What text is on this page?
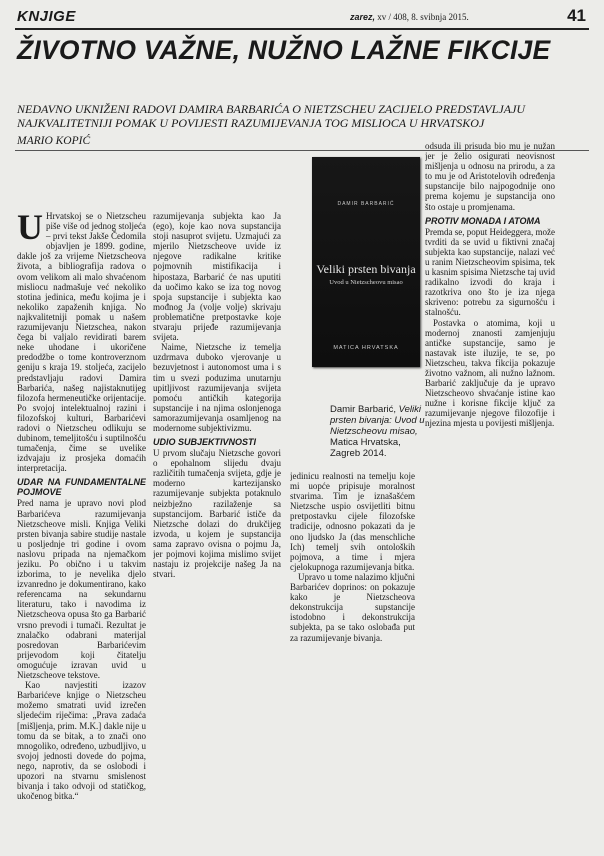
KNJIGE	zarez, xv / 408, 8. svibnja 2015.	41
ŽIVOTNO VAŽNE, NUŽNO LAŽNE FIKCIJE

NEDAVNO UKNIŽENI RADOVI DAMIRA BARBARIĆA O NIETZSCHEU ZACIJELO PREDSTAVLJAJU NAJKVALITETNIJI POMAK U POVIJESTI RAZUMIJEVANJA TOG MISLIOCA U HRVATSKOJ

MARIO KOPIĆ

U Hrvatskoj se o Nietzscheu piše više od jednog stoljeća – prvi tekst Jakše Čedomila objavljen je 1899. godine, dakle još za vrijeme Nietzscheova života, a bibliografija radova o ovom velikom ali malo shvaćenom misliocu nadmašuje već nekoliko stotina jedinica, među kojima je i nekoliko zapaženih knjiga. No najkvalitetniji pomak u našem razumijevanju Nietzschea, nakon čega bi valjalo revidirati barem neke uhodane i ukoričene predodžbe o tome kontroverznom geniju s kraja 19. stoljeća, zacijelo predstavljaju radovi Damira Barbarića, našeg najistaknutijeg filozofa hermeneutičke orijentacije. Po svojoj intelektualnoj razini i filozofskoj kulturi, Barbarićevi radovi o Nietzscheu odlikuju se dubinom, temeljitošću i suptilnošću tumačenja, čime se uvelike izdvajaju iz prosjeka domaćih interpretacija.

UDAR NA FUNDAMENTALNE POJMOVE

Pred nama je upravo novi plod Barbarićeva razumijevanja Nietzscheove misli. Knjiga Veliki prsten bivanja sabire studije nastale u posljednje tri godine i ovom naslovu pripada na njemačkom jeziku. Po obično i u takvim izborima, to je nevelika djelo izvanredno je dokumentirano, kako referencama na sekundarnu literaturu, tako i navodima iz Nietzscheova opusa što ga Barbarić vrsno prevodi i tumači. Rezultat je znalačko odabrani materijal posredovan Barbarićevim prijevodom koji čitatelju omogućuje izravan uvid u Nietzscheove tekstove.

Kao navjestiti izazov Barbarićeve knjige o Nietzscheu možemo smatrati uvid izrečen sljedećim riječima: „Prava zadaća [mišljenja, prim. M.K.] dakle nije u tomu da se bitak, a to znači ono mnogoliko, određeno, uzbudljivo, u svojoj jednosti dovede do pojma, nego, naprotiv, da se oslobodi i upozori na stvarnu smislenost bivanja i tako odvoji od statičkog, ukočenog bitka.“

razumijevanja subjekta kao Ja (ego), koje kao nova supstancija stoji nasuprot svijetu. Uzmajući za mjerilo Nietzscheove uvide iz njegove radikalne kritike pojmovnih mistifikacija i hipostaza, Barbarić će nas uputiti da uočimo kako se iza tog novog spoja supstancije i subjekta kao mođnog Ja (volje volje) skrivaju problematične pretpostavke koje stvaraju prijeđe razumijevanja svijeta.

Naime, Nietzsche iz temelja uzdrmava duboko vjerovanje u bezuvjetnost i autonomost uma i s tim u svezi poduzima unutarnju upitljivost razumijevanja svijeta pomoću antičkih kategorija supstancije i na njima oslonjenoga samorazumijevanja osamljenog na modernome subjektivizmu.

UDIO SUBJEKTIVNOSTI

U prvom slučaju Nietzsche govori o epohalnom slijedu dvaju različitih tumačenja svijeta, gdje je moderno kartezijansko razumijevanje subjekta potaknulo neizbježno razilaženje sa supstancijom. Barbarić ističe da Nietzsche dolazi do drukčijeg izvoda, u kojem je supstancija sama zapravo ovisna o pojmu Ja, jer pojmovi kojima mislimo svijet nastaju iz projekcije našeg Ja na stvari.

DAMIR BARBARIĆ
Veliki prsten bivanja
Uvod u Nietzscheovu misao
MATICA HRVATSKA
Damir Barbarić, Veliki prsten bivanja: Uvod u Nietzscheovu misao, Matica Hrvatska, Zagreb 2014.

jedinicu realnosti na temelju koje mi uopće pripisuje moralnost stvarima. Tim je iznašašćem Nietzsche uspio osvijetliti bitnu pretpostavku cijele filozofske tradicije, odnosno pokazati da je ono ljudsko Ja (das menschliche Ich) temelj svih ontoloških pojmova, a time i mjera cjelokupnoga razumijevanja bitka.

Upravo u tome nalazimo ključni Barbarićev doprinos: on pokazuje kako je Nietzscheova dekonstrukcija supstancije istodobno i dekonstrukcija subjekta, pa se tako oslobađa put za razumijevanje bivanja.

odsuda ili prisuda bio mu je nužan jer je želio osigurati neovisnost mišljenja u odnosu na prirodu, a za to mu je od Aristotelovih određenja supstancije bilo najpogodnije ono prema kojemu je supstancija ono što ostaje u promjenama.

PROTIV MONADA I ATOMA

Premda se, poput Heideggera, može tvrditi da se uvid u fiktivni značaj subjekta kao supstancije, nalazi već u ranim Nietzscheovim spisima, tek u kasnim spisima Nietzsche taj uvid radikalno izvodi do kraja i razotkriva ono što je iza njega skriveno: potrebu za sigurnošću i stalnošću.

Postavka o atomima, koji u modernoj znanosti zamjenjuju antičke supstancije, samo je nastavak iste iluzije, te se, po Nietzscheu, takva fikcija pokazuje životno važnom, ali nužno lažnom. Barbarić zaključuje da je upravo Nietzscheovo shvaćanje istine kao nužne i korisne fikcije ključ za razumijevanje njegove filozofije i njezina mjesta u povijesti mišljenja.
